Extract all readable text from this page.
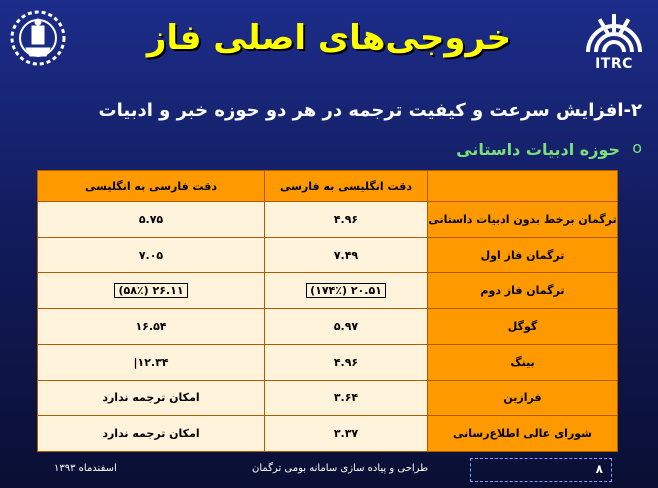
ITRC
خروجی‌های اصلی فاز
۲-افزایش سرعت و کیفیت ترجمه در هر دو حوزه خبر و ادبیات
o
حوزه ادبیات داستانی
	دقت انگلیسی به فارسی	دقت فارسی به انگلیسی
ترگمان برخط بدون ادبیات داستانی	۴.۹۶	۵.۷۵
ترگمان فاز اول	۷.۴۹	۷.۰۵
ترگمان فاز دوم	۲۰.۵۱ (۱۷۴٪)	۲۶.۱۱ (۵۸٪)
گوگل	۵.۹۷	۱۶.۵۴
بینگ	۴.۹۶	۱۲.۳۴|
فرازین	۳.۶۴	امکان ترجمه ندارد
شورای عالی اطلاع‌رسانی	۳.۳۷	امکان ترجمه ندارد
۸
طراحی و پیاده سازی سامانه بومی ترگمان
اسفندماه ۱۳۹۳
